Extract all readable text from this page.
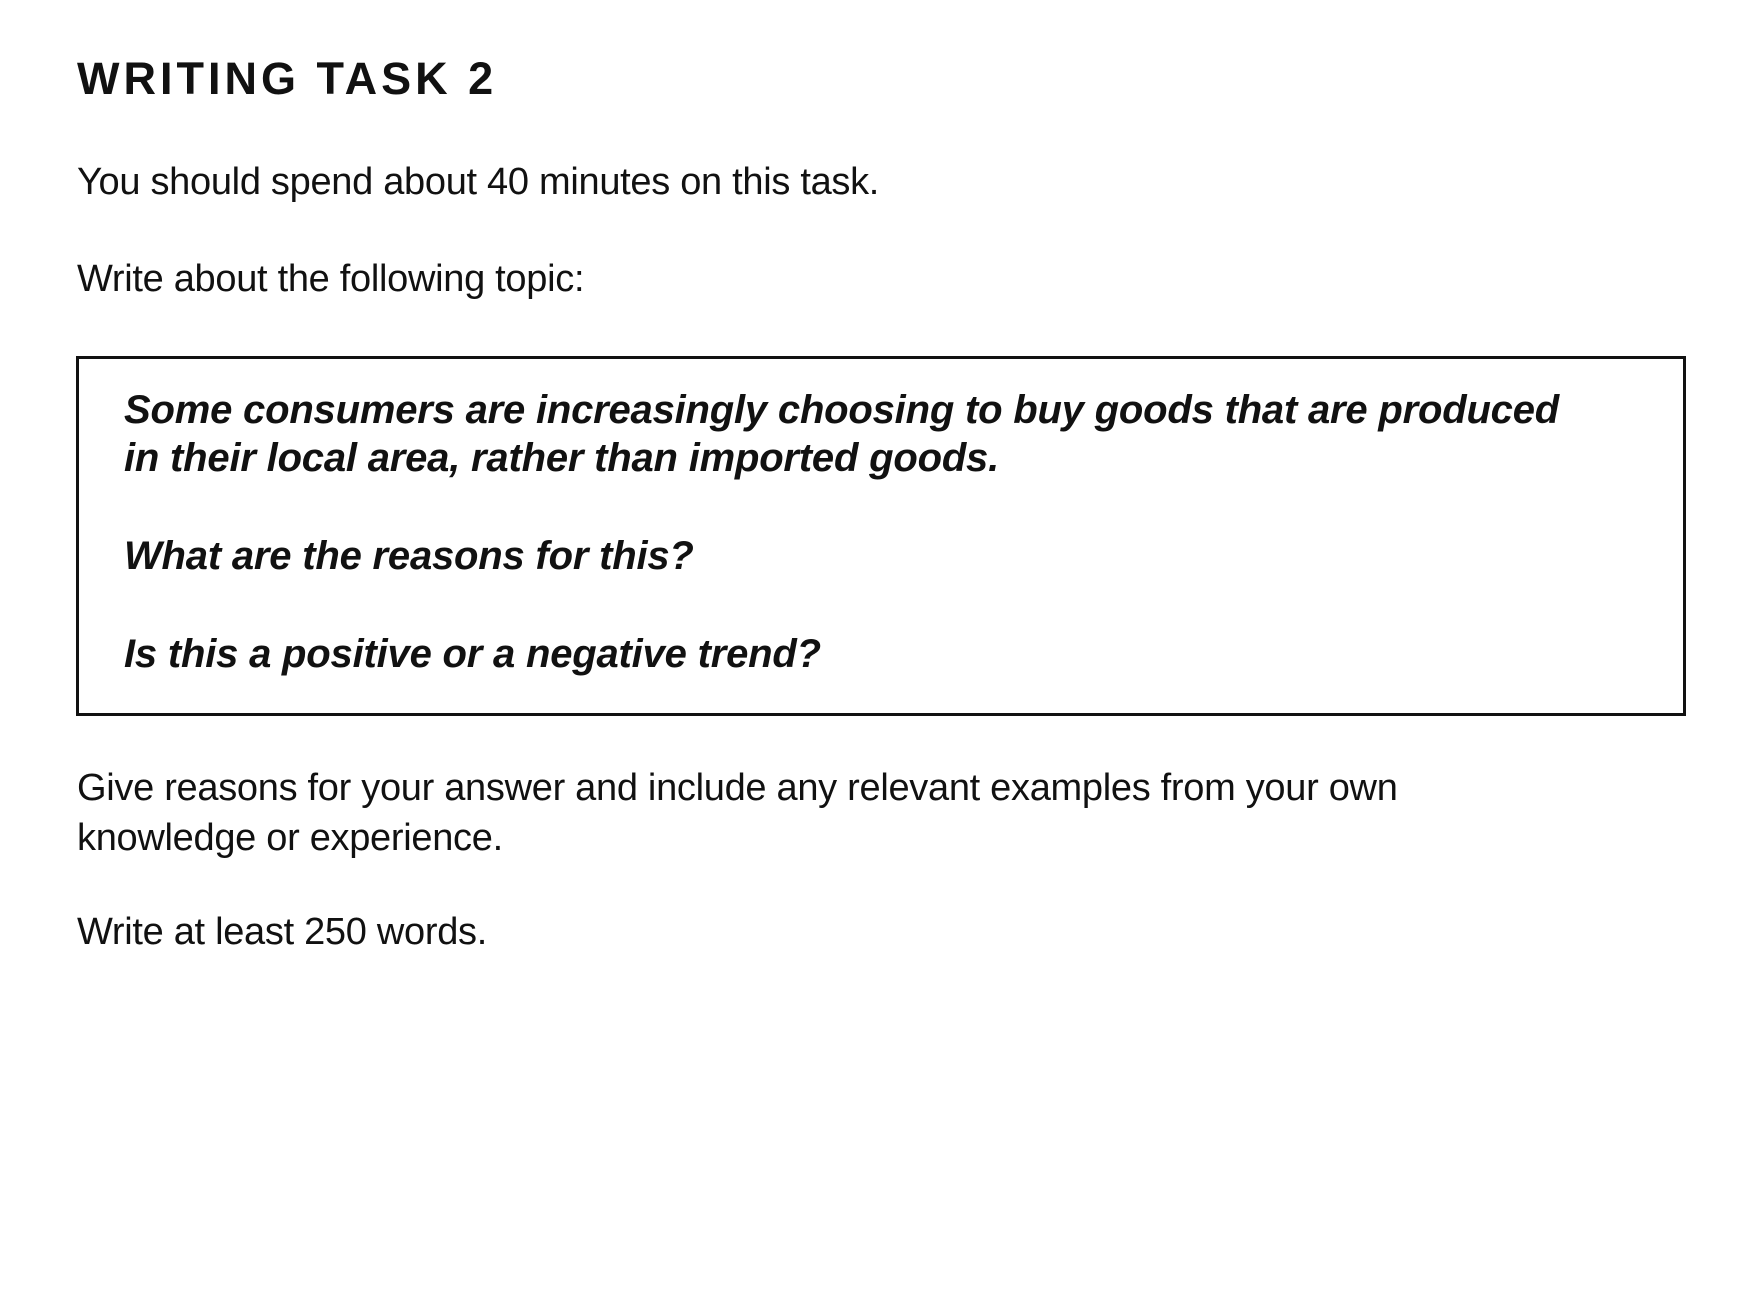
WRITING TASK 2

You should spend about 40 minutes on this task.

Write about the following topic:

Some consumers are increasingly choosing to buy goods that are produced

in their local area, rather than imported goods.

What are the reasons for this?

Is this a positive or a negative trend?

Give reasons for your answer and include any relevant examples from your own
knowledge or experience.

Write at least 250 words.
